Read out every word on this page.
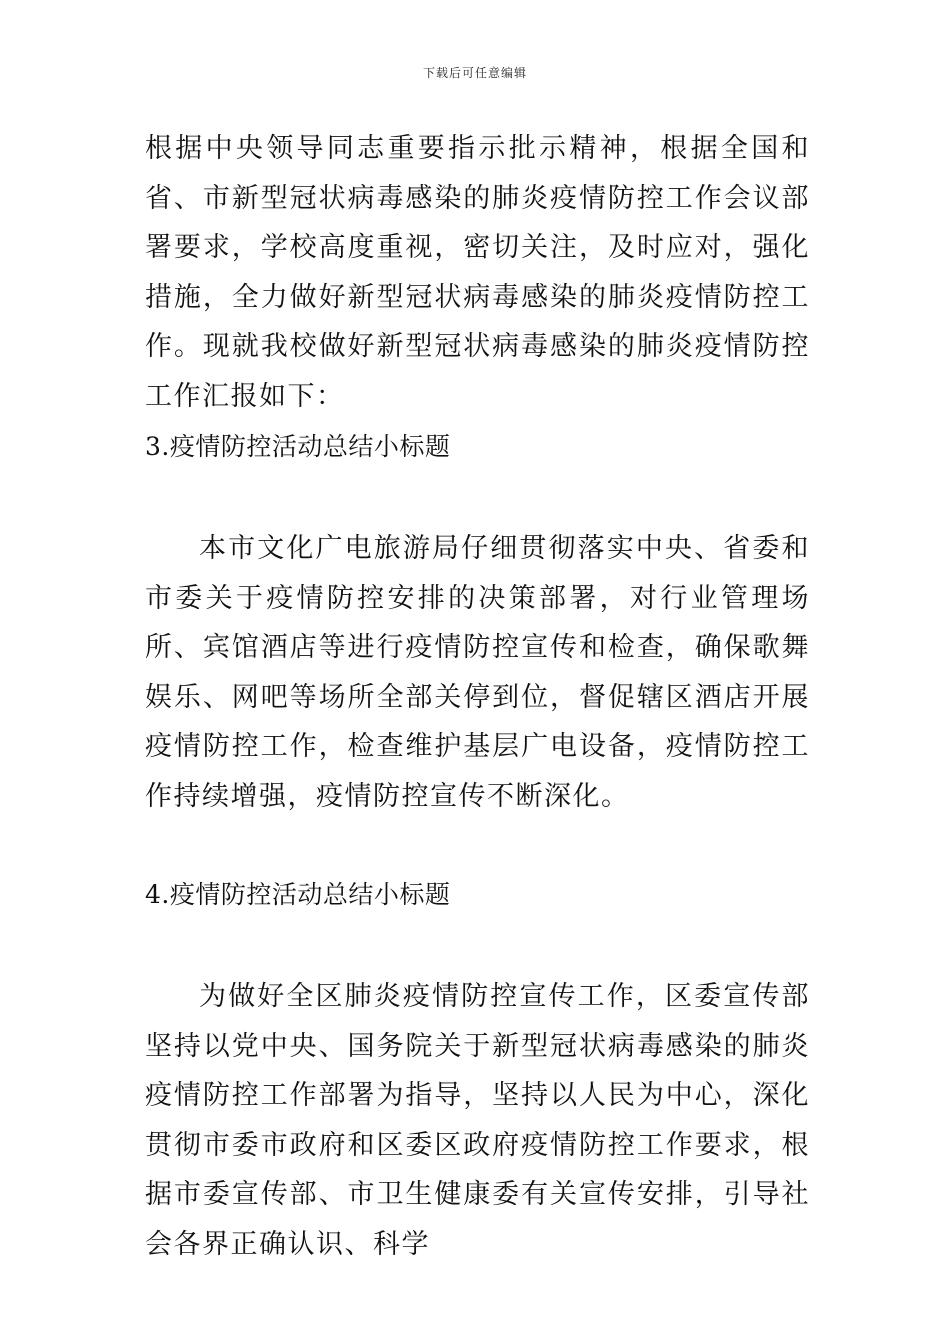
下载后可任意编辑

根据中央领导同志重要指示批示精神，根据全国和省、市新型冠状病毒感染的肺炎疫情防控工作会议部署要求，学校高度重视，密切关注，及时应对，强化措施，全力做好新型冠状病毒感染的肺炎疫情防控工作。现就我校做好新型冠状病毒感染的肺炎疫情防控工作汇报如下：

3.疫情防控活动总结小标题

本市文化广电旅游局仔细贯彻落实中央、省委和市委关于疫情防控安排的决策部署，对行业管理场所、宾馆酒店等进行疫情防控宣传和检查，确保歌舞娱乐、网吧等场所全部关停到位，督促辖区酒店开展疫情防控工作，检查维护基层广电设备，疫情防控工作持续增强，疫情防控宣传不断深化。

4.疫情防控活动总结小标题

为做好全区肺炎疫情防控宣传工作，区委宣传部坚持以党中央、国务院关于新型冠状病毒感染的肺炎疫情防控工作部署为指导，坚持以人民为中心，深化贯彻市委市政府和区委区政府疫情防控工作要求，根据市委宣传部、市卫生健康委有关宣传安排，引导社会各界正确认识、科学
